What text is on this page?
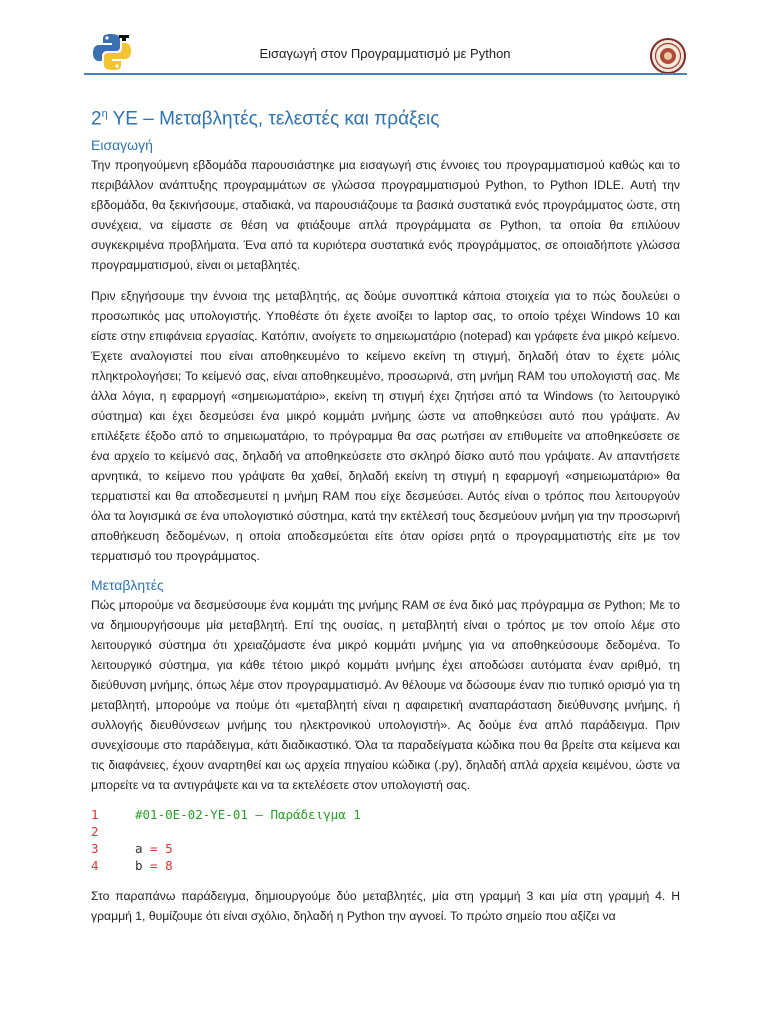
Εισαγωγή στον Προγραμματισμό με Python
$2^\eta$ ΥΕ – Μεταβλητές, τελεστές και πράξεις
Εισαγωγή

Την προηγούμενη εβδομάδα παρουσιάστηκε μια εισαγωγή στις έννοιες του προγραμματισμού καθώς και το περιβάλλον ανάπτυξης προγραμμάτων σε γλώσσα προγραμματισμού Python, το Python IDLE. Αυτή την εβδομάδα, θα ξεκινήσουμε, σταδιακά, να παρουσιάζουμε τα βασικά συστατικά ενός προγράμματος ώστε, στη συνέχεια, να είμαστε σε θέση να φτιάξουμε απλά προγράμματα σε Python, τα οποία θα επιλύουν συγκεκριμένα προβλήματα. Ένα από τα κυριότερα συστατικά ενός προγράμματος, σε οποιαδήποτε γλώσσα προγραμματισμού, είναι οι μεταβλητές.

Πριν εξηγήσουμε την έννοια της μεταβλητής, ας δούμε συνοπτικά κάποια στοιχεία για το πώς δουλεύει ο προσωπικός μας υπολογιστής. Υποθέστε ότι έχετε ανοίξει το laptop σας, το οποίο τρέχει Windows 10 και είστε στην επιφάνεια εργασίας. Κατόπιν, ανοίγετε το σημειωματάριο (notepad) και γράφετε ένα μικρό κείμενο. Έχετε αναλογιστεί που είναι αποθηκευμένο το κείμενο εκείνη τη στιγμή, δηλαδή όταν το έχετε μόλις πληκτρολογήσει; Το κείμενό σας, είναι αποθηκευμένο, προσωρινά, στη μνήμη RAM του υπολογιστή σας. Με άλλα λόγια, η εφαρμογή «σημειωματάριο», εκείνη τη στιγμή έχει ζητήσει από τα Windows (το λειτουργικό σύστημα) και έχει δεσμεύσει ένα μικρό κομμάτι μνήμης ώστε να αποθηκεύσει αυτό που γράψατε. Αν επιλέξετε έξοδο από το σημειωματάριο, το πρόγραμμα θα σας ρωτήσει αν επιθυμείτε να αποθηκεύσετε σε ένα αρχείο το κείμενό σας, δηλαδή να αποθηκεύσετε στο σκληρό δίσκο αυτό που γράψατε. Αν απαντήσετε αρνητικά, το κείμενο που γράψατε θα χαθεί, δηλαδή εκείνη τη στιγμή η εφαρμογή «σημειωματάριο» θα τερματιστεί και θα αποδεσμευτεί η μνήμη RAM που είχε δεσμεύσει. Αυτός είναι ο τρόπος που λειτουργούν όλα τα λογισμικά σε ένα υπολογιστικό σύστημα, κατά την εκτέλεσή τους δεσμεύουν μνήμη για την προσωρινή αποθήκευση δεδομένων, η οποία αποδεσμεύεται είτε όταν ορίσει ρητά ο προγραμματιστής είτε με τον τερματισμό του προγράμματος.

Μεταβλητές

Πώς μπορούμε να δεσμεύσουμε ένα κομμάτι της μνήμης RAM σε ένα δικό μας πρόγραμμα σε Python; Με το να δημιουργήσουμε μία μεταβλητή. Επί της ουσίας, η μεταβλητή είναι ο τρόπος με τον οποίο λέμε στο λειτουργικό σύστημα ότι χρειαζόμαστε ένα μικρό κομμάτι μνήμης για να αποθηκεύσουμε δεδομένα. Το λειτουργικό σύστημα, για κάθε τέτοιο μικρό κομμάτι μνήμης έχει αποδώσει αυτόματα έναν αριθμό, τη διεύθυνση μνήμης, όπως λέμε στον προγραμματισμό. Αν θέλουμε να δώσουμε έναν πιο τυπικό ορισμό για τη μεταβλητή, μπορούμε να πούμε ότι «μεταβλητή είναι η αφαιρετική αναπαράσταση διεύθυνσης μνήμης, ή συλλογής διευθύνσεων μνήμης του ηλεκτρονικού υπολογιστή». Ας δούμε ένα απλό παράδειγμα. Πριν συνεχίσουμε στο παράδειγμα, κάτι διαδικαστικό. Όλα τα παραδείγματα κώδικα που θα βρείτε στα κείμενα και τις διαφάνειες, έχουν αναρτηθεί και ως αρχεία πηγαίου κώδικα (.py), δηλαδή απλά αρχεία κειμένου, ώστε να μπορείτε να τα αντιγράψετε και να τα εκτελέσετε στον υπολογιστή σας.

1	#01-ΘΕ-02-ΥΕ-01 – Παράδειγμα 1
2
3	a
=
5
4	b
=
8

Στο παραπάνω παράδειγμα, δημιουργούμε δύο μεταβλητές, μία στη γραμμή 3 και μία στη γραμμή 4. Η γραμμή 1, θυμίζουμε ότι είναι σχόλιο, δηλαδή η Python την αγνοεί. Το πρώτο σημείο που αξίζει να
